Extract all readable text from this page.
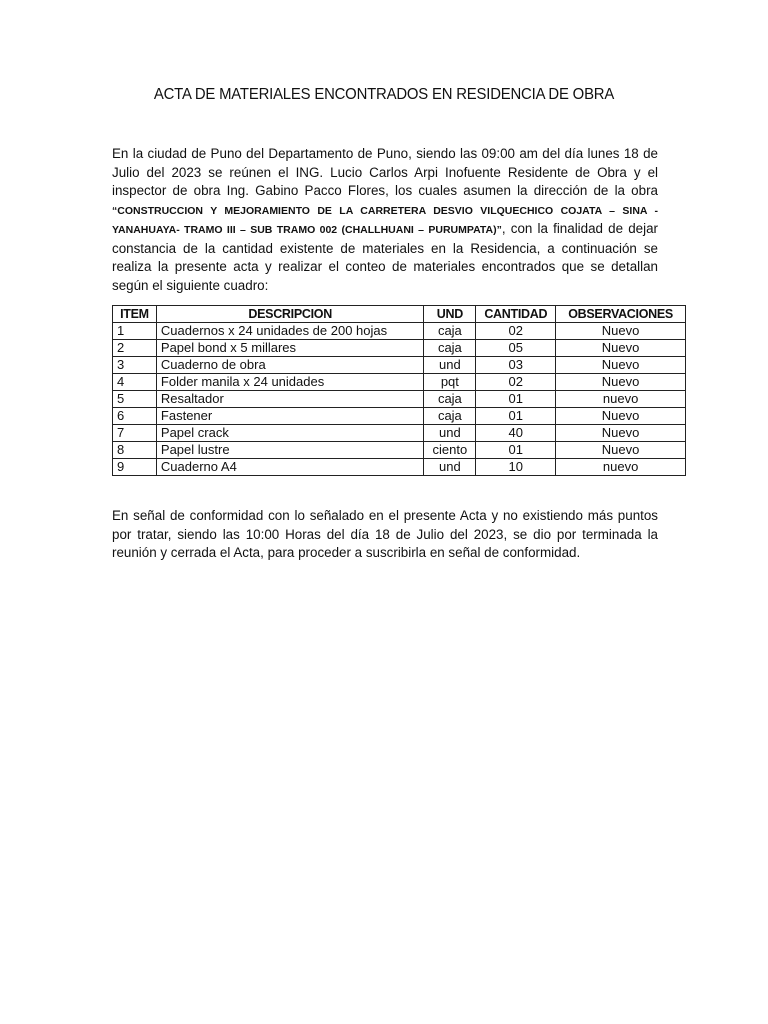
ACTA DE MATERIALES ENCONTRADOS EN RESIDENCIA DE OBRA
En la ciudad de Puno del Departamento de Puno, siendo las 09:00 am del día lunes 18 de Julio del 2023 se reúnen el ING. Lucio Carlos Arpi Inofuente Residente de Obra y el inspector de obra Ing. Gabino Pacco Flores, los cuales asumen la dirección de la obra “CONSTRUCCION Y MEJORAMIENTO DE LA CARRETERA DESVIO VILQUECHICO COJATA – SINA - YANAHUAYA- TRAMO III – SUB TRAMO 002 (CHALLHUANI – PURUMPATA)”, con la finalidad de dejar constancia de la cantidad existente de materiales en la Residencia, a continuación se realiza la presente acta y realizar el conteo de materiales encontrados que se detallan según el siguiente cuadro:
ITEM	DESCRIPCION	UND	CANTIDAD	OBSERVACIONES
1	Cuadernos x 24 unidades de 200 hojas	caja	02	Nuevo
2	Papel bond x 5 millares	caja	05	Nuevo
3	Cuaderno de obra	und	03	Nuevo
4	Folder manila x 24 unidades	pqt	02	Nuevo
5	Resaltador	caja	01	nuevo
6	Fastener	caja	01	Nuevo
7	Papel crack	und	40	Nuevo
8	Papel lustre	ciento	01	Nuevo
9	Cuaderno A4	und	10	nuevo
En señal de conformidad con lo señalado en el presente Acta y no existiendo más puntos por tratar, siendo las 10:00 Horas del día 18 de Julio del 2023, se dio por terminada la reunión y cerrada el Acta, para proceder a suscribirla en señal de conformidad.
